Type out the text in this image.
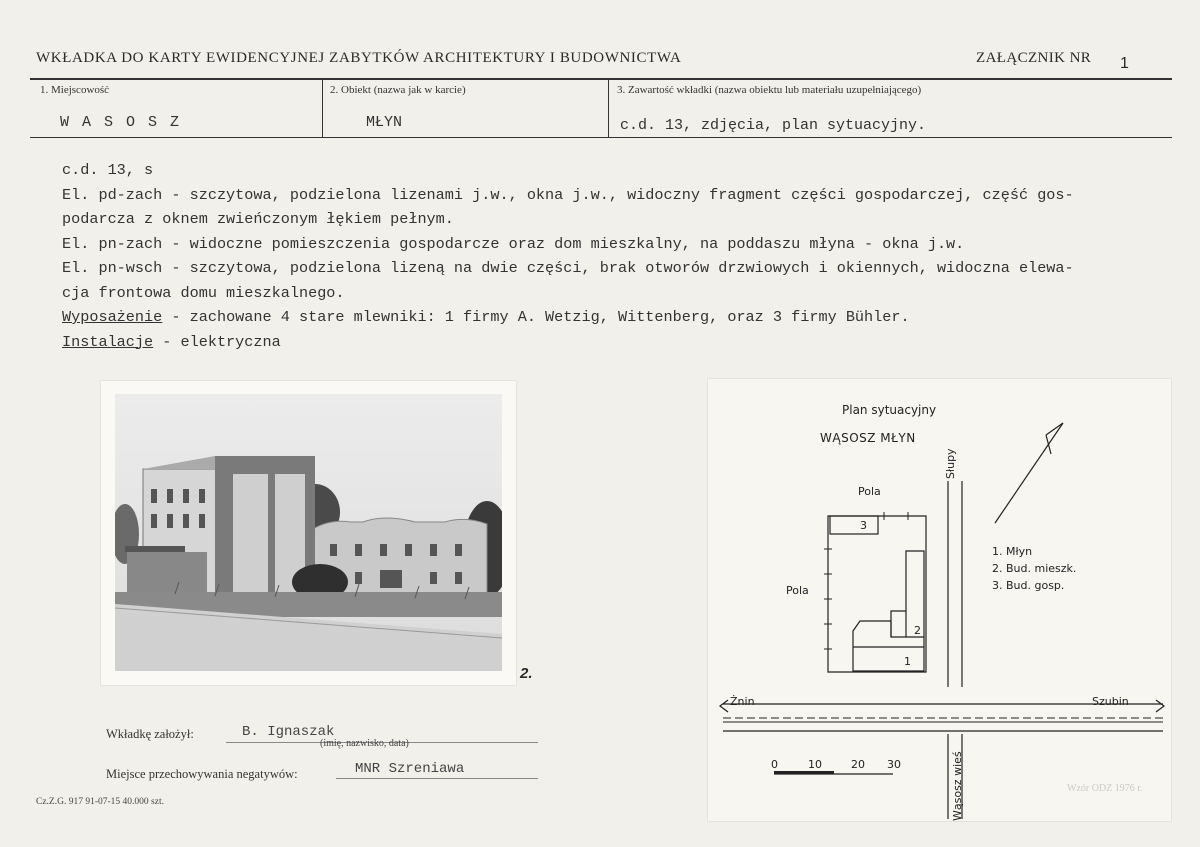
WKŁADKA DO KARTY EWIDENCYJNEJ ZABYTKÓW ARCHITEKTURY I BUDOWNICTWA	ZAŁĄCZNIK NR 1
1. Miejscowość
W A S O S Z
2. Obiekt (nazwa jak w karcie)
MŁYN
3. Zawartość wkładki (nazwa obiektu lub materiału uzupełniającego)
c.d. 13, zdjęcia, plan sytuacyjny.
c.d. 13, s
El. pd-zach - szczytowa, podzielona lizenami j.w., okna j.w., widoczny fragment części gospodarczej, część gos-
podarcza z oknem zwieńczonym łękiem pełnym.
El. pn-zach - widoczne pomieszczenia gospodarcze oraz dom mieszkalny, na poddaszu młyna - okna j.w.
El. pn-wsch - szczytowa, podzielona lizeną na dwie części, brak otworów drzwiowych i okiennych, widoczna elewa-
cja frontowa domu mieszkalnego.
Wyposażenie - zachowane 4 stare mlewniki: 1 firmy A. Wetzig, Wittenberg, oraz 3 firmy Bühler.
Instalacje - elektryczna
2.
Plan sytuacyjny
WĄSOSZ MŁYN
Pola
Pola
Słupy
Żnin	Szubin
Wąsosz wieś
1. Młyn
2. Bud. mieszk.
3. Bud. gosp.
1
2
3
0	10	20 30
Wkładkę założył:	B. Ignaszak
(imię, nazwisko, data)
Miejsce przechowywania negatywów:	MNR Szreniawa
Cz.Z.G. 917 91-07-15 40.000 szt.
Wzór ODZ 1976 r.
